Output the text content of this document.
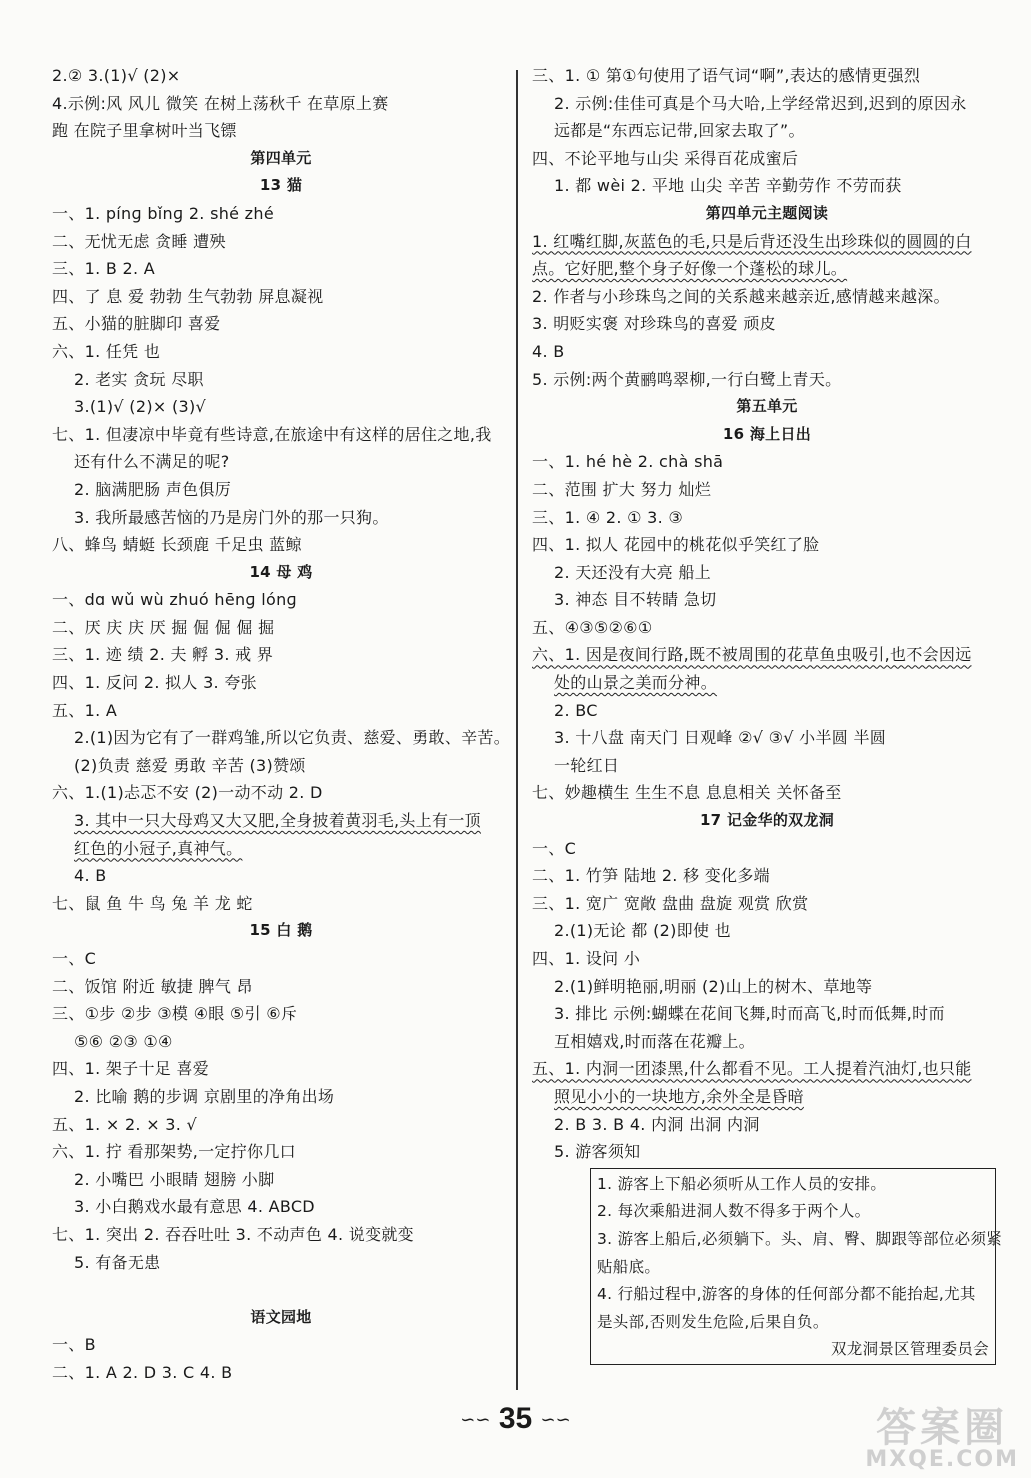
2.② 3.(1)√ (2)×
4.示例:风 风儿 微笑 在树上荡秋千 在草原上赛
跑 在院子里拿树叶当飞镖
第四单元
13 猫
一、1. pínɡ bǐnɡ 2. shé zhé
二、无忧无虑 贪睡 遭殃
三、1. B 2. A
四、了 息 爱 勃勃 生气勃勃 屏息凝视
五、小猫的脏脚印 喜爱
六、1. 任凭 也
2. 老实 贪玩 尽职
3.(1)√ (2)× (3)√
七、1. 但凄凉中毕竟有些诗意,在旅途中有这样的居住之地,我
还有什么不满足的呢?
2. 脑满肥肠 声色俱厉
3. 我所最感苦恼的乃是房门外的那一只狗。
八、蜂鸟 蜻蜓 长颈鹿 千足虫 蓝鲸
14 母 鸡
一、dɑ wǔ wù zhuó hēnɡ lónɡ
二、厌 庆 庆 厌 掘 倔 倔 倔 掘
三、1. 迹 绩 2. 夫 孵 3. 戒 界
四、1. 反问 2. 拟人 3. 夸张
五、1. A
2.(1)因为它有了一群鸡雏,所以它负责、慈爱、勇敢、辛苦。
(2)负责 慈爱 勇敢 辛苦 (3)赞颂
六、1.(1)忐忑不安 (2)一动不动 2. D
3. 其中一只大母鸡又大又肥,全身披着黄羽毛,头上有一顶
红色的小冠子,真神气。
4. B
七、鼠 鱼 牛 鸟 兔 羊 龙 蛇
15 白 鹅
一、C
二、饭馆 附近 敏捷 脾气 昂
三、①步 ②步 ③模 ④眼 ⑤引 ⑥斥
⑤⑥ ②③ ①④
四、1. 架子十足 喜爱
2. 比喻 鹅的步调 京剧里的净角出场
五、1. × 2. × 3. √
六、1. 拧 看那架势,一定拧你几口
2. 小嘴巴 小眼睛 翅膀 小脚
3. 小白鹅戏水最有意思 4. ABCD
七、1. 突出 2. 吞吞吐吐 3. 不动声色 4. 说变就变
5. 有备无患
语文园地
一、B
二、1. A 2. D 3. C 4. B
三、1. ① 第①句使用了语气词“啊”,表达的感情更强烈
2. 示例:佳佳可真是个马大哈,上学经常迟到,迟到的原因永
远都是“东西忘记带,回家去取了”。
四、不论平地与山尖 采得百花成蜜后
1. 都 wèi 2. 平地 山尖 辛苦 辛勤劳作 不劳而获
第四单元主题阅读
1. 红嘴红脚,灰蓝色的毛,只是后背还没生出珍珠似的圆圆的白
点。它好肥,整个身子好像一个蓬松的球儿。
2. 作者与小珍珠鸟之间的关系越来越亲近,感情越来越深。
3. 明贬实褒 对珍珠鸟的喜爱 顽皮
4. B
5. 示例:两个黄鹂鸣翠柳,一行白鹭上青天。
第五单元
16 海上日出
一、1. hé hè 2. chà shā
二、范围 扩大 努力 灿烂
三、1. ④ 2. ① 3. ③
四、1. 拟人 花园中的桃花似乎笑红了脸
2. 天还没有大亮 船上
3. 神态 目不转睛 急切
五、④③⑤②⑥①
六、1. 因是夜间行路,既不被周围的花草鱼虫吸引,也不会因远
处的山景之美而分神。
2. BC
3. 十八盘 南天门 日观峰 ②√ ③√ 小半圆 半圆
一轮红日
七、妙趣横生 生生不息 息息相关 关怀备至
17 记金华的双龙洞
一、C
二、1. 竹笋 陆地 2. 移 变化多端
三、1. 宽广 宽敞 盘曲 盘旋 观赏 欣赏
2.(1)无论 都 (2)即使 也
四、1. 设问 小
2.(1)鲜明艳丽,明丽 (2)山上的树木、草地等
3. 排比 示例:蝴蝶在花间飞舞,时而高飞,时而低舞,时而
互相嬉戏,时而落在花瓣上。
五、1. 内洞一团漆黑,什么都看不见。工人提着汽油灯,也只能
照见小小的一块地方,余外全是昏暗
2. B 3. B 4. 内洞 出洞 内洞
5. 游客须知
1. 游客上下船必须听从工作人员的安排。
2. 每次乘船进洞人数不得多于两个人。
3. 游客上船后,必须躺下。头、肩、臀、脚跟等部位必须紧
贴船底。
4. 行船过程中,游客的身体的任何部分都不能抬起,尤其
是头部,否则发生危险,后果自负。
双龙洞景区管理委员会
∽∽ 35 ∽∽	答案圈
MXQE.COM
